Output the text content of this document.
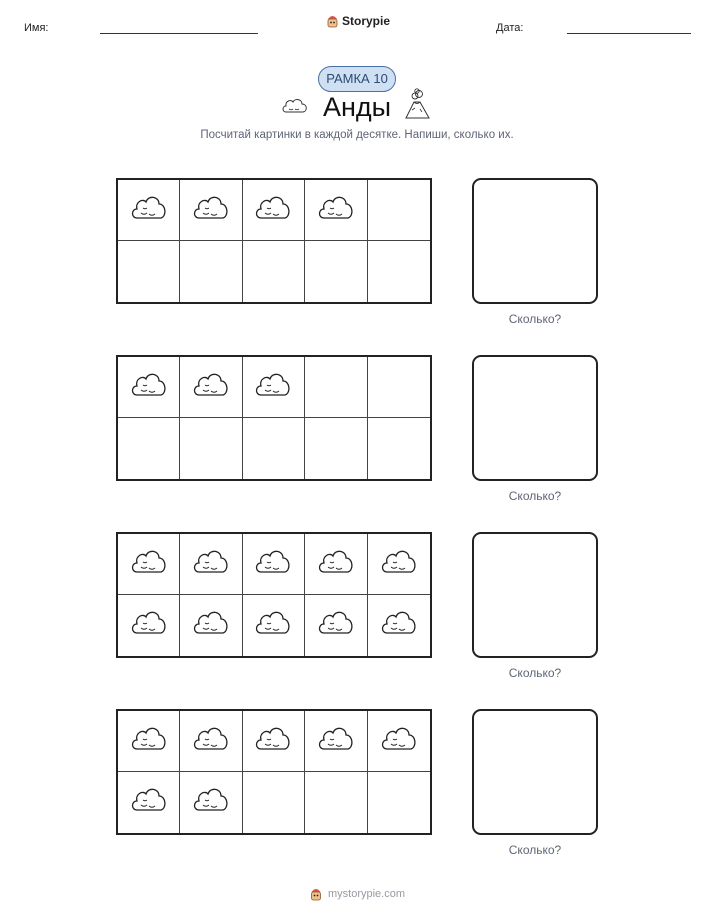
Имя:	Storypie	Дата:
РАМКА 10
Анды
Посчитай картинки в каждой десятке. Напиши, сколько их.
Сколько?
Сколько?
Сколько?
Сколько?
mystorypie.com
